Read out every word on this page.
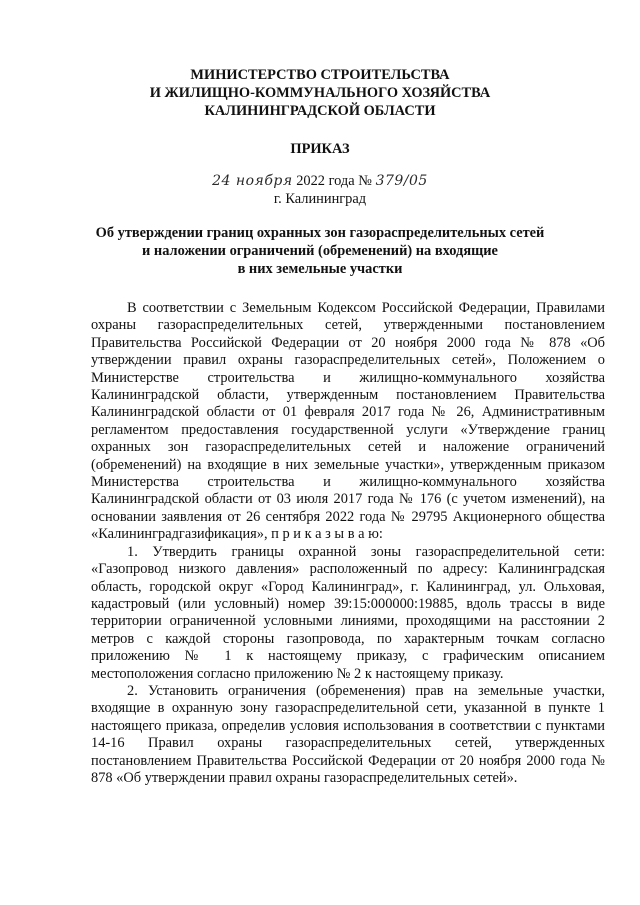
МИНИСТЕРСТВО СТРОИТЕЛЬСТВА
И ЖИЛИЩНО-КОММУНАЛЬНОГО ХОЗЯЙСТВА
КАЛИНИНГРАДСКОЙ ОБЛАСТИ
ПРИКАЗ
24 ноября 2022 года № 379/05
г. Калининград
Об утверждении границ охранных зон газораспределительных сетей
и наложении ограничений (обременений) на входящие
в них земельные участки

В соответствии с Земельным Кодексом Российской Федерации, Правилами охраны газораспределительных сетей, утвержденными постановлением Правительства Российской Федерации от 20 ноября 2000 года № 878 «Об утверждении правил охраны газораспределительных сетей», Положением о Министерстве строительства и жилищно-коммунального хозяйства Калининградской области, утвержденным постановлением Правительства Калининградской области от 01 февраля 2017 года № 26, Административным регламентом предоставления государственной услуги «Утверждение границ охранных зон газораспределительных сетей и наложение ограничений (обременений) на входящие в них земельные участки», утвержденным приказом Министерства строительства и жилищно-коммунального хозяйства Калининградской области от 03 июля 2017 года № 176 (с учетом изменений), на основании заявления от 26 сентября 2022 года № 29795 Акционерного общества «Калининградгазификация», п р и к а з ы в а ю:

1. Утвердить границы охранной зоны газораспределительной сети: «Газопровод низкого давления» расположенный по адресу: Калининградская область, городской округ «Город Калининград», г. Калининград, ул. Ольховая, кадастровый (или условный) номер 39:15:000000:19885, вдоль трассы в виде территории ограниченной условными линиями, проходящими на расстоянии 2 метров с каждой стороны газопровода, по характерным точкам согласно приложению № 1 к настоящему приказу, с графическим описанием местоположения согласно приложению № 2 к настоящему приказу.

2. Установить ограничения (обременения) прав на земельные участки, входящие в охранную зону газораспределительной сети, указанной в пункте 1 настоящего приказа, определив условия использования в соответствии с пунктами 14-16 Правил охраны газораспределительных сетей, утвержденных постановлением Правительства Российской Федерации от 20 ноября 2000 года № 878 «Об утверждении правил охраны газораспределительных сетей».
